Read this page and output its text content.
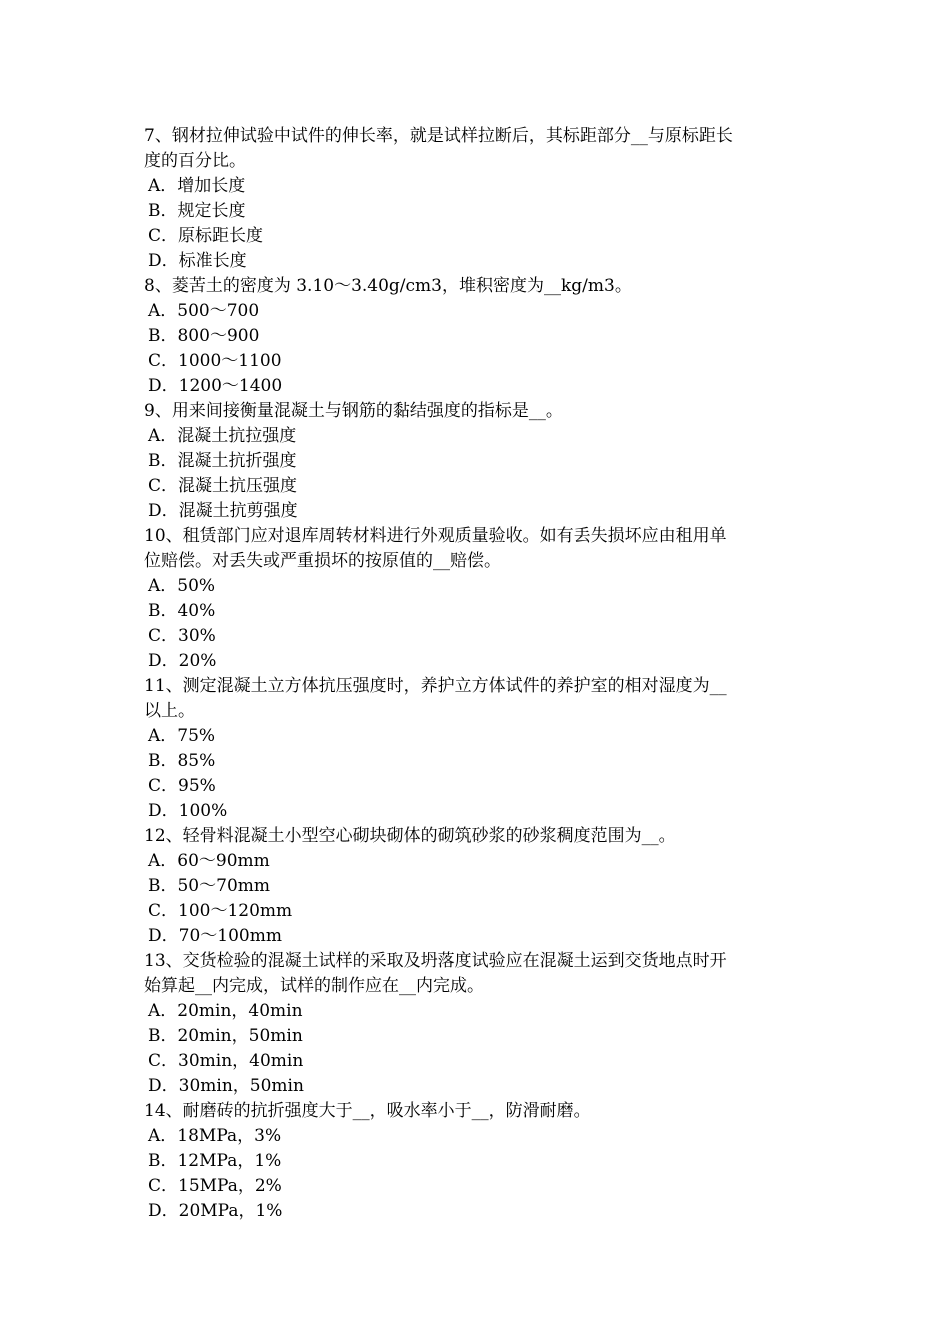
7、钢材拉伸试验中试件的伸长率，就是试样拉断后，其标距部分__与原标距长
度的百分比。
A．增加长度
B．规定长度
C．原标距长度
D．标准长度
8、菱苦土的密度为 3.10～3.40g/cm3，堆积密度为__kg/m3。
A．500～700
B．800～900
C．1000～1100
D．1200～1400
9、用来间接衡量混凝土与钢筋的黏结强度的指标是__。
A．混凝土抗拉强度
B．混凝土抗折强度
C．混凝土抗压强度
D．混凝土抗剪强度
10、租赁部门应对退库周转材料进行外观质量验收。如有丢失损坏应由租用单
位赔偿。对丢失或严重损坏的按原值的__赔偿。
A．50%
B．40%
C．30%
D．20%
11、测定混凝土立方体抗压强度时，养护立方体试件的养护室的相对湿度为__
以上。
A．75%
B．85%
C．95%
D．100%
12、轻骨料混凝土小型空心砌块砌体的砌筑砂浆的砂浆稠度范围为__。
A．60～90mm
B．50～70mm
C．100～120mm
D．70～100mm
13、交货检验的混凝土试样的采取及坍落度试验应在混凝土运到交货地点时开
始算起__内完成，试样的制作应在__内完成。
A．20min，40min
B．20min，50min
C．30min，40min
D．30min，50min
14、耐磨砖的抗折强度大于__，吸水率小于__，防滑耐磨。
A．18MPa，3%
B．12MPa，1%
C．15MPa，2%
D．20MPa，1%
